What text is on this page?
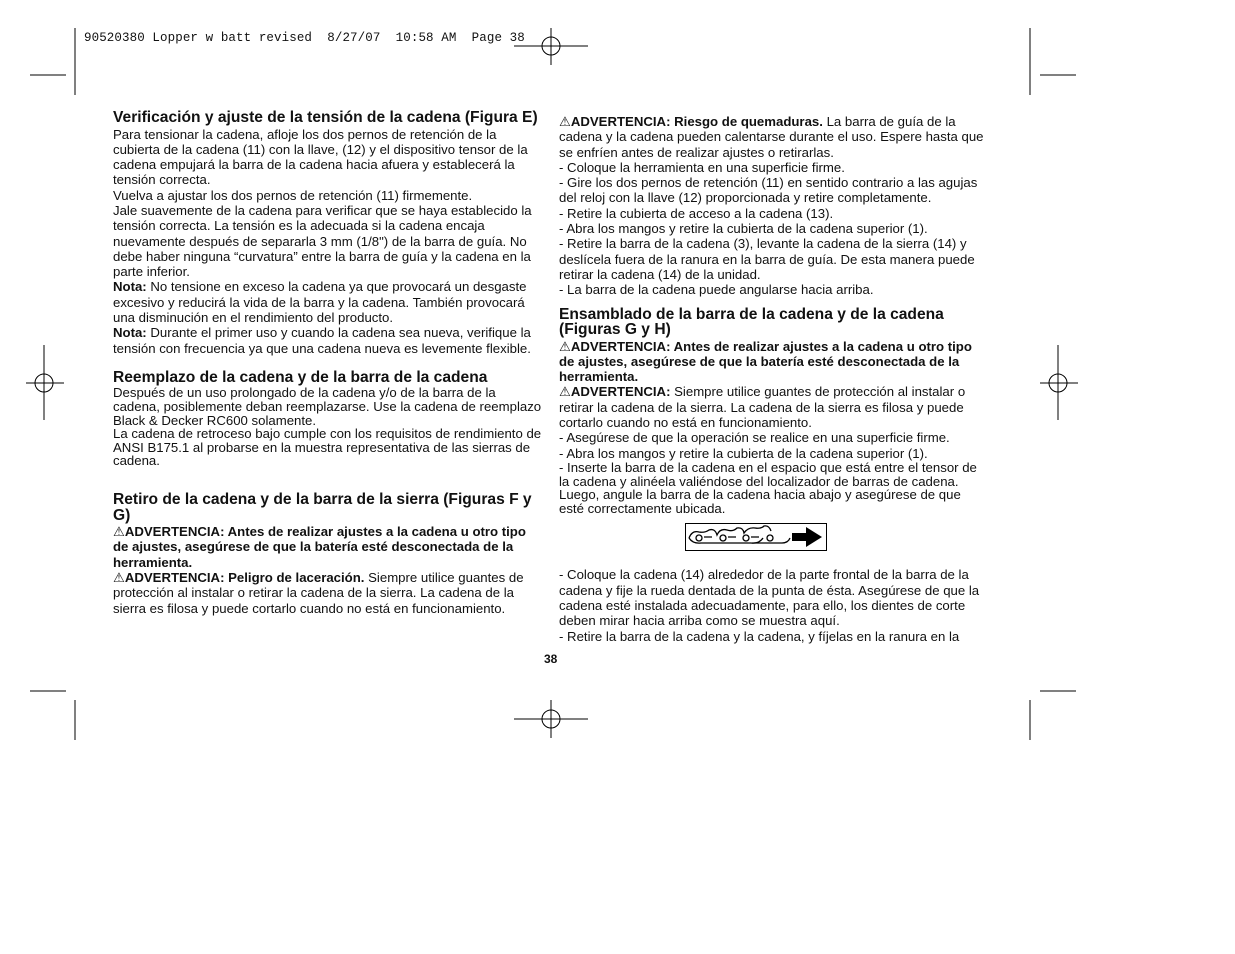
90520380 Lopper w batt revised  8/27/07  10:58 AM  Page 38
Verificación y ajuste de la tensión de la cadena (Figura E)

Para tensionar la cadena, afloje los dos pernos de retención de la cubierta de la cadena (11) con la llave, (12) y el dispositivo tensor de la cadena empujará la barra de la cadena hacia afuera y establecerá la tensión correcta.

Vuelva a ajustar los dos pernos de retención (11) firmemente.

Jale suavemente de la cadena para verificar que se haya establecido la tensión correcta. La tensión es la adecuada si la cadena encaja nuevamente después de separarla 3 mm (1/8") de la barra de guía. No debe haber ninguna “curvatura” entre la barra de guía y la cadena en la parte inferior.

Nota: No tensione en exceso la cadena ya que provocará un desgaste excesivo y reducirá la vida de la barra y la cadena. También provocará una disminución en el rendimiento del producto.

Nota: Durante el primer uso y cuando la cadena sea nueva, verifique la tensión con frecuencia ya que una cadena nueva es levemente flexible.

Reemplazo de la cadena y de la barra de la cadena

Después de un uso prolongado de la cadena y/o de la barra de la cadena, posiblemente deban reemplazarse. Use la cadena de reemplazo Black & Decker RC600 solamente.

La cadena de retroceso bajo cumple con los requisitos de rendimiento de ANSI B175.1 al probarse en la muestra representativa de las sierras de cadena.

Retiro de la cadena y de la barra de la sierra (Figuras F y G)

⚠ADVERTENCIA: Antes de realizar ajustes a la cadena u otro tipo de ajustes, asegúrese de que la batería esté desconectada de la herramienta.

⚠ADVERTENCIA: Peligro de laceración. Siempre utilice guantes de protección al instalar o retirar la cadena de la sierra. La cadena de la sierra es filosa y puede cortarlo cuando no está en funcionamiento.

⚠ADVERTENCIA: Riesgo de quemaduras. La barra de guía de la cadena y la cadena pueden calentarse durante el uso. Espere hasta que se enfríen antes de realizar ajustes o retirarlas.

- Coloque la herramienta en una superficie firme.

- Gire los dos pernos de retención (11) en sentido contrario a las agujas del reloj con la llave (12) proporcionada y retire completamente.

- Retire la cubierta de acceso a la cadena (13).

- Abra los mangos y retire la cubierta de la cadena superior (1).

- Retire la barra de la cadena (3), levante la cadena de la sierra (14) y deslícela fuera de la ranura en la barra de guía. De esta manera puede retirar la cadena (14) de la unidad.

- La barra de la cadena puede angularse hacia arriba.

Ensamblado de la barra de la cadena y de la cadena (Figuras G y H)

⚠ADVERTENCIA: Antes de realizar ajustes a la cadena u otro tipo de ajustes, asegúrese de que la batería esté desconectada de la herramienta.

⚠ADVERTENCIA: Siempre utilice guantes de protección al instalar o retirar la cadena de la sierra. La cadena de la sierra es filosa y puede cortarlo cuando no está en funcionamiento.

- Asegúrese de que la operación se realice en una superficie firme.

- Abra los mangos y retire la cubierta de la cadena superior (1).

- Inserte la barra de la cadena en el espacio que está entre el tensor de la cadena y alinéela valiéndose del localizador de barras de cadena. Luego, angule la barra de la cadena hacia abajo y asegúrese de que esté correctamente ubicada.

- Coloque la cadena (14) alrededor de la parte frontal de la barra de la cadena y fije la rueda dentada de la punta de ésta. Asegúrese de que la cadena esté instalada adecuadamente, para ello, los dientes de corte deben mirar hacia arriba como se muestra aquí.

- Retire la barra de la cadena y la cadena, y fíjelas en la ranura en la

38
